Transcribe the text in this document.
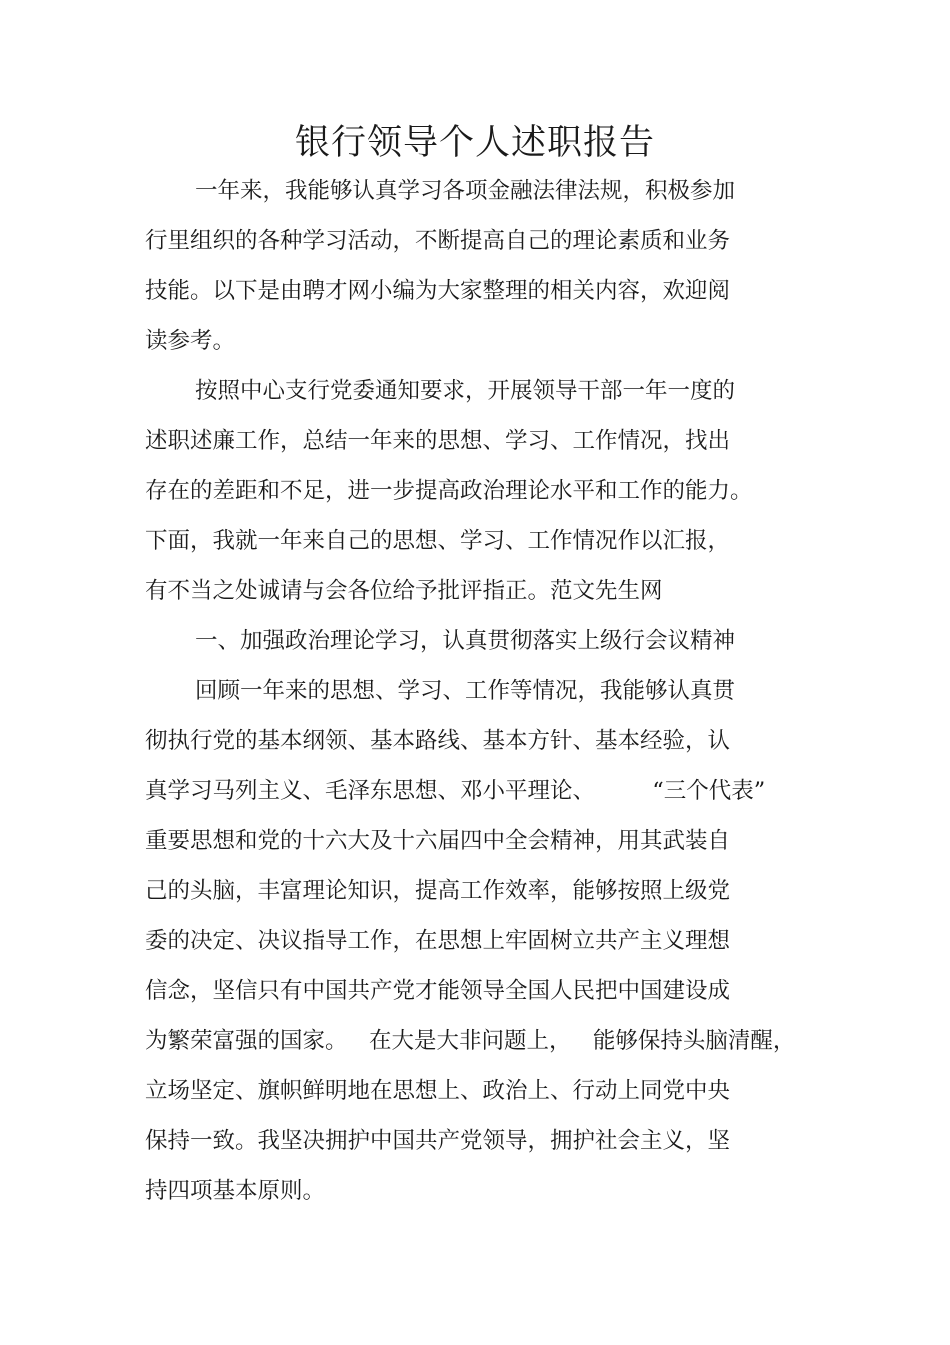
银行领导个人述职报告
一年来，我能够认真学习各项金融法律法规，积极参加
行里组织的各种学习活动，不断提高自己的理论素质和业务
技能。以下是由聘才网小编为大家整理的相关内容，欢迎阅
读参考。
按照中心支行党委通知要求，开展领导干部一年一度的
述职述廉工作，总结一年来的思想、学习、工作情况，找出
存在的差距和不足，进一步提高政治理论水平和工作的能力。
下面，我就一年来自己的思想、学习、工作情况作以汇报，
有不当之处诚请与会各位给予批评指正。范文先生网
一、加强政治理论学习，认真贯彻落实上级行会议精神
回顾一年来的思想、学习、工作等情况，我能够认真贯
彻执行党的基本纲领、基本路线、基本方针、基本经验，认
真学习马列主义、毛泽东思想、邓小平理论、        “三个代表”
重要思想和党的十六大及十六届四中全会精神，用其武装自
己的头脑，丰富理论知识，提高工作效率，能够按照上级党
委的决定、决议指导工作，在思想上牢固树立共产主义理想
信念，坚信只有中国共产党才能领导全国人民把中国建设成
为繁荣富强的国家。   在大是大非问题上，   能够保持头脑清醒，
立场坚定、旗帜鲜明地在思想上、政治上、行动上同党中央
保持一致。我坚决拥护中国共产党领导，拥护社会主义，坚
持四项基本原则。
